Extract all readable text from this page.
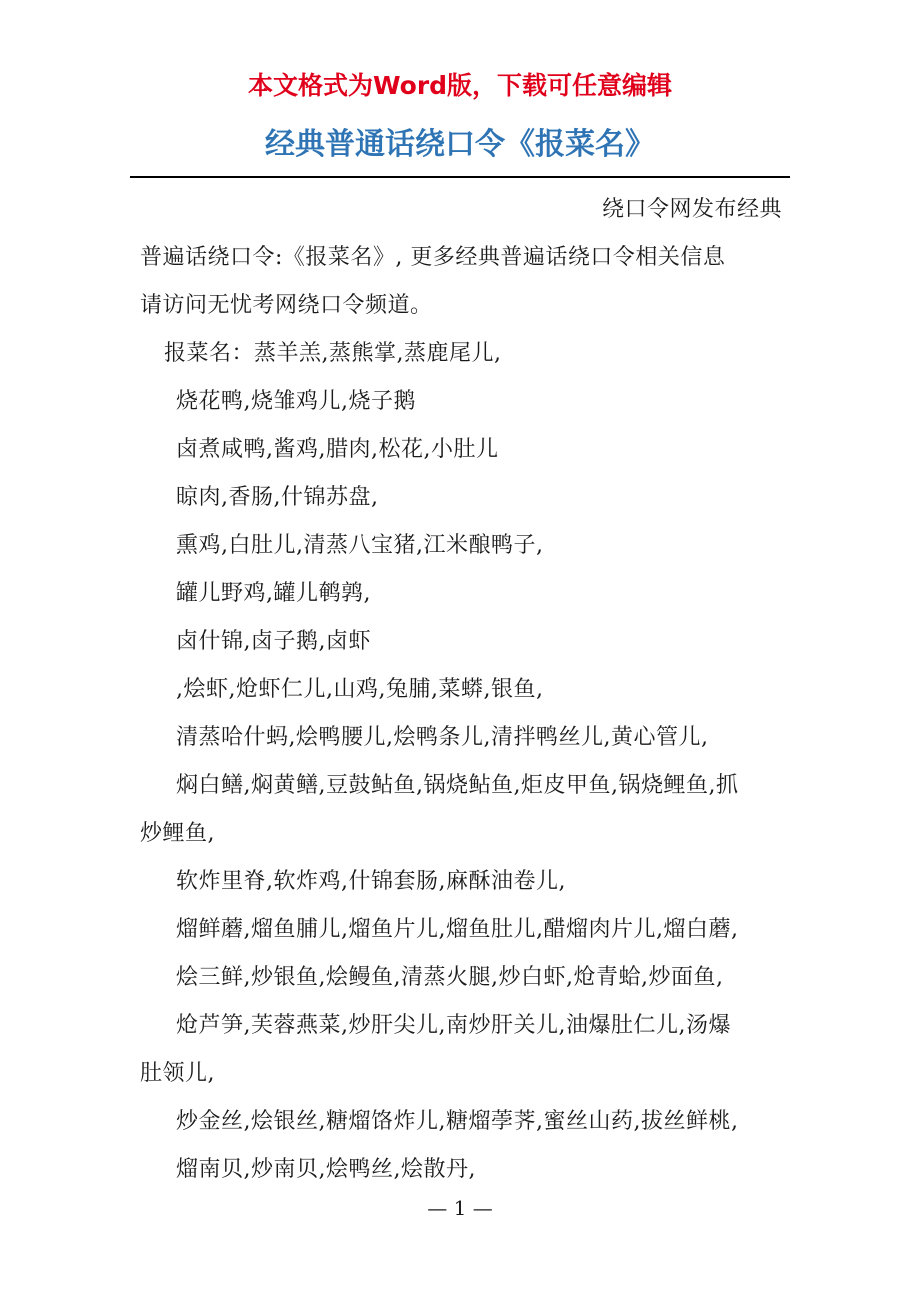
本文格式为Word版，下载可任意编辑
经典普通话绕口令《报菜名》

绕口令网发布经典

普遍话绕口令:《报菜名》, 更多经典普遍话绕口令相关信息

请访问无忧考网绕口令频道。

报菜名：蒸羊羔,蒸熊掌,蒸鹿尾儿,

烧花鸭,烧雏鸡儿,烧子鹅

卤煮咸鸭,酱鸡,腊肉,松花,小肚儿

晾肉,香肠,什锦苏盘,

熏鸡,白肚儿,清蒸八宝猪,江米酿鸭子,

罐儿野鸡,罐儿鹌鹑,

卤什锦,卤子鹅,卤虾

,烩虾,炝虾仁儿,山鸡,兔脯,菜蟒,银鱼,

清蒸哈什蚂,烩鸭腰儿,烩鸭条儿,清拌鸭丝儿,黄心管儿,

焖白鳝,焖黄鳝,豆鼓鲇鱼,锅烧鲇鱼,炬皮甲鱼,锅烧鲤鱼,抓

炒鲤鱼,

软炸里脊,软炸鸡,什锦套肠,麻酥油卷儿,

熘鲜蘑,熘鱼脯儿,熘鱼片儿,熘鱼肚儿,醋熘肉片儿,熘白蘑,

烩三鲜,炒银鱼,烩鳗鱼,清蒸火腿,炒白虾,炝青蛤,炒面鱼,

炝芦笋,芙蓉燕菜,炒肝尖儿,南炒肝关儿,油爆肚仁儿,汤爆

肚领儿,

炒金丝,烩银丝,糖熘饹炸儿,糖熘荸荠,蜜丝山药,拔丝鲜桃,

熘南贝,炒南贝,烩鸭丝,烩散丹,

— 1 —
